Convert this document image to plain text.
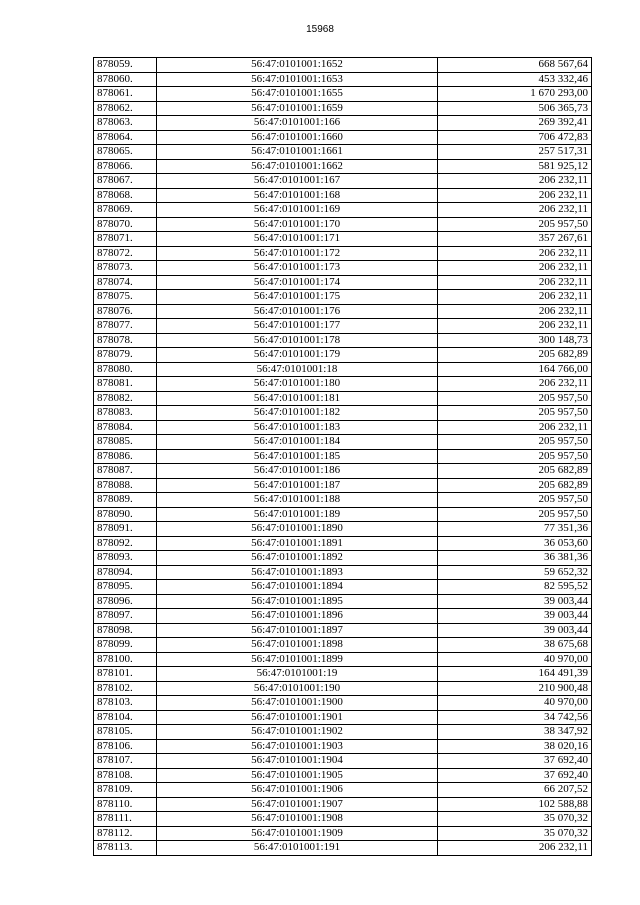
15968
878059.	56:47:0101001:1652	668 567,64
878060.	56:47:0101001:1653	453 332,46
878061.	56:47:0101001:1655	1 670 293,00
878062.	56:47:0101001:1659	506 365,73
878063.	56:47:0101001:166	269 392,41
878064.	56:47:0101001:1660	706 472,83
878065.	56:47:0101001:1661	257 517,31
878066.	56:47:0101001:1662	581 925,12
878067.	56:47:0101001:167	206 232,11
878068.	56:47:0101001:168	206 232,11
878069.	56:47:0101001:169	206 232,11
878070.	56:47:0101001:170	205 957,50
878071.	56:47:0101001:171	357 267,61
878072.	56:47:0101001:172	206 232,11
878073.	56:47:0101001:173	206 232,11
878074.	56:47:0101001:174	206 232,11
878075.	56:47:0101001:175	206 232,11
878076.	56:47:0101001:176	206 232,11
878077.	56:47:0101001:177	206 232,11
878078.	56:47:0101001:178	300 148,73
878079.	56:47:0101001:179	205 682,89
878080.	56:47:0101001:18	164 766,00
878081.	56:47:0101001:180	206 232,11
878082.	56:47:0101001:181	205 957,50
878083.	56:47:0101001:182	205 957,50
878084.	56:47:0101001:183	206 232,11
878085.	56:47:0101001:184	205 957,50
878086.	56:47:0101001:185	205 957,50
878087.	56:47:0101001:186	205 682,89
878088.	56:47:0101001:187	205 682,89
878089.	56:47:0101001:188	205 957,50
878090.	56:47:0101001:189	205 957,50
878091.	56:47:0101001:1890	77 351,36
878092.	56:47:0101001:1891	36 053,60
878093.	56:47:0101001:1892	36 381,36
878094.	56:47:0101001:1893	59 652,32
878095.	56:47:0101001:1894	82 595,52
878096.	56:47:0101001:1895	39 003,44
878097.	56:47:0101001:1896	39 003,44
878098.	56:47:0101001:1897	39 003,44
878099.	56:47:0101001:1898	38 675,68
878100.	56:47:0101001:1899	40 970,00
878101.	56:47:0101001:19	164 491,39
878102.	56:47:0101001:190	210 900,48
878103.	56:47:0101001:1900	40 970,00
878104.	56:47:0101001:1901	34 742,56
878105.	56:47:0101001:1902	38 347,92
878106.	56:47:0101001:1903	38 020,16
878107.	56:47:0101001:1904	37 692,40
878108.	56:47:0101001:1905	37 692,40
878109.	56:47:0101001:1906	66 207,52
878110.	56:47:0101001:1907	102 588,88
878111.	56:47:0101001:1908	35 070,32
878112.	56:47:0101001:1909	35 070,32
878113.	56:47:0101001:191	206 232,11
